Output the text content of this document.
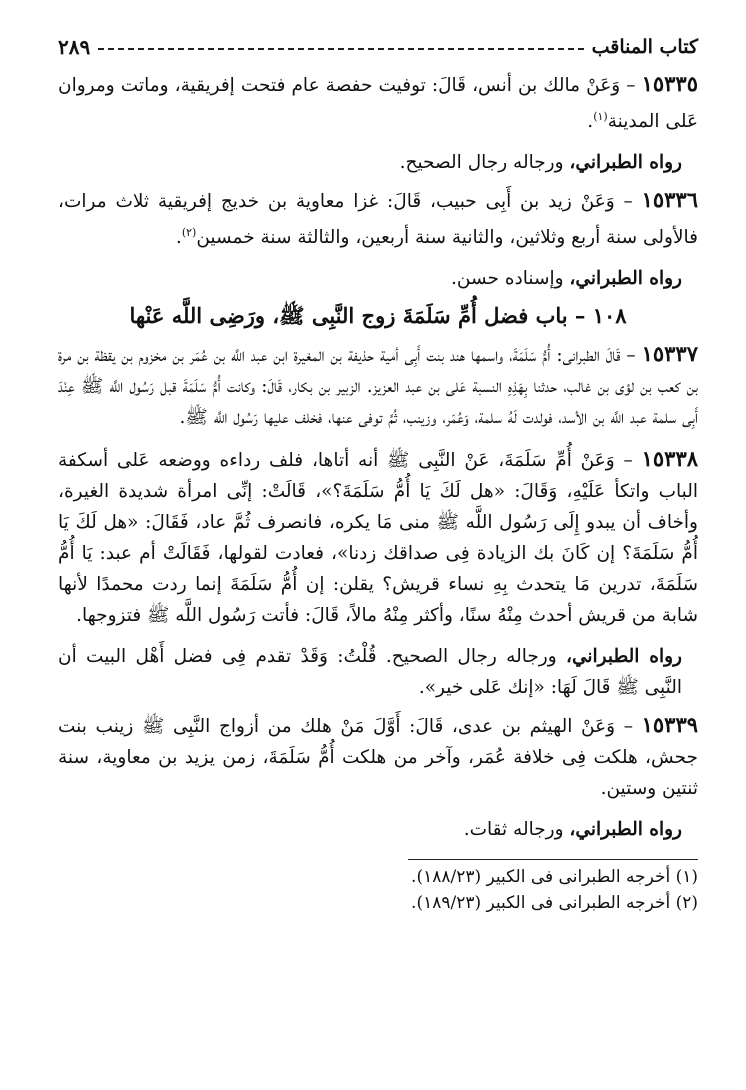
كتاب المناقب
٢٨٩

١٥٣٣٥ – وَعَنْ مالك بن أنس، قَالَ: توفيت حفصة عام فتحت إفريقية، وماتت ومروان عَلى المدينة$^{(١)}$.

رواه الطبراني، ورجاله رجال الصحيح.

١٥٣٣٦ – وَعَنْ زيد بن أَبِى حبيب، قَالَ: غزا معاوية بن خديج إفريقية ثلاث مرات، فالأولى سنة أربع وثلاثين، والثانية سنة أربعين، والثالثة سنة خمسين$^{(٢)}$.

رواه الطبراني، وإسناده حسن.

١٠٨ – باب فضل أُمِّ سَلَمَةَ زوج النَّبِى ﷺ، ورَضِى اللَّه عَنْها

١٥٣٣٧ – قَالَ الطبرانى: أُمُّ سَلَمَةَ، واسمها هند بنت أَبِى أمية حذيفة بن المغيرة ابن عبد اللَّه بن عُمَر بن مخزوم بن يقظة بن مرة بن كعب بن لؤى بن غالب، حدثنا بِهَذِهِ النسبة عَلى بن عبد العزيز. الزبير بن بكار، قَالَ: وكانت أُمُّ سَلَمَةَ قبل رَسُول اللَّه ﷺ عِنْدَ أَبِى سلمة عبد اللَّه بن الأسد، فولدت لَهُ سلمة، وَعُمَر، وزينب، ثُمَّ توفى عنها، فخلف عليها رَسُول اللَّه ﷺ.

١٥٣٣٨ – وَعَنْ أُمِّ سَلَمَةَ، عَنْ النَّبِى ﷺ أنه أتاها، فلف رداءه ووضعه عَلى أسكفة الباب واتكأ عَلَيْهِ، وَقَالَ: «هل لَكَ يَا أُمُّ سَلَمَةَ؟»، قَالَتْ: إنِّى امرأة شديدة الغيرة، وأخاف أن يبدو إِلَى رَسُول اللَّه ﷺ منى مَا يكره، فانصرف ثُمَّ عاد، فَقَالَ: «هل لَكَ يَا أُمُّ سَلَمَةَ؟ إن كَانَ بك الزيادة فِى صداقك زدنا»، فعادت لقولها، فَقَالَتْ أم عبد: يَا أُمُّ سَلَمَةَ، تدرين مَا يتحدث بِهِ نساء قريش؟ يقلن: إن أُمُّ سَلَمَةَ إنما ردت محمدًا لأنها شابة من قريش أحدث مِنْهُ سنًا، وأكثر مِنْهُ مالاً، قَالَ: فأتت رَسُول اللَّه ﷺ فتزوجها.

رواه الطبراني، ورجاله رجال الصحيح. قُلْتُ: وَقَدْ تقدم فِى فضل أَهْل البيت أن النَّبِى ﷺ قَالَ لَهَا: «إنك عَلى خير».

١٥٣٣٩ – وَعَنْ الهيثم بن عدى، قَالَ: أَوَّلَ مَنْ هلك من أزواج النَّبِى ﷺ زينب بنت جحش، هلكت فِى خلافة عُمَر، وآخر من هلكت أُمُّ سَلَمَةَ، زمن يزيد بن معاوية، سنة ثنتين وستين.

رواه الطبراني، ورجاله ثقات.

(١) أخرجه الطبرانى فى الكبير (١٨٨/٢٣).
(٢) أخرجه الطبرانى فى الكبير (١٨٩/٢٣).
